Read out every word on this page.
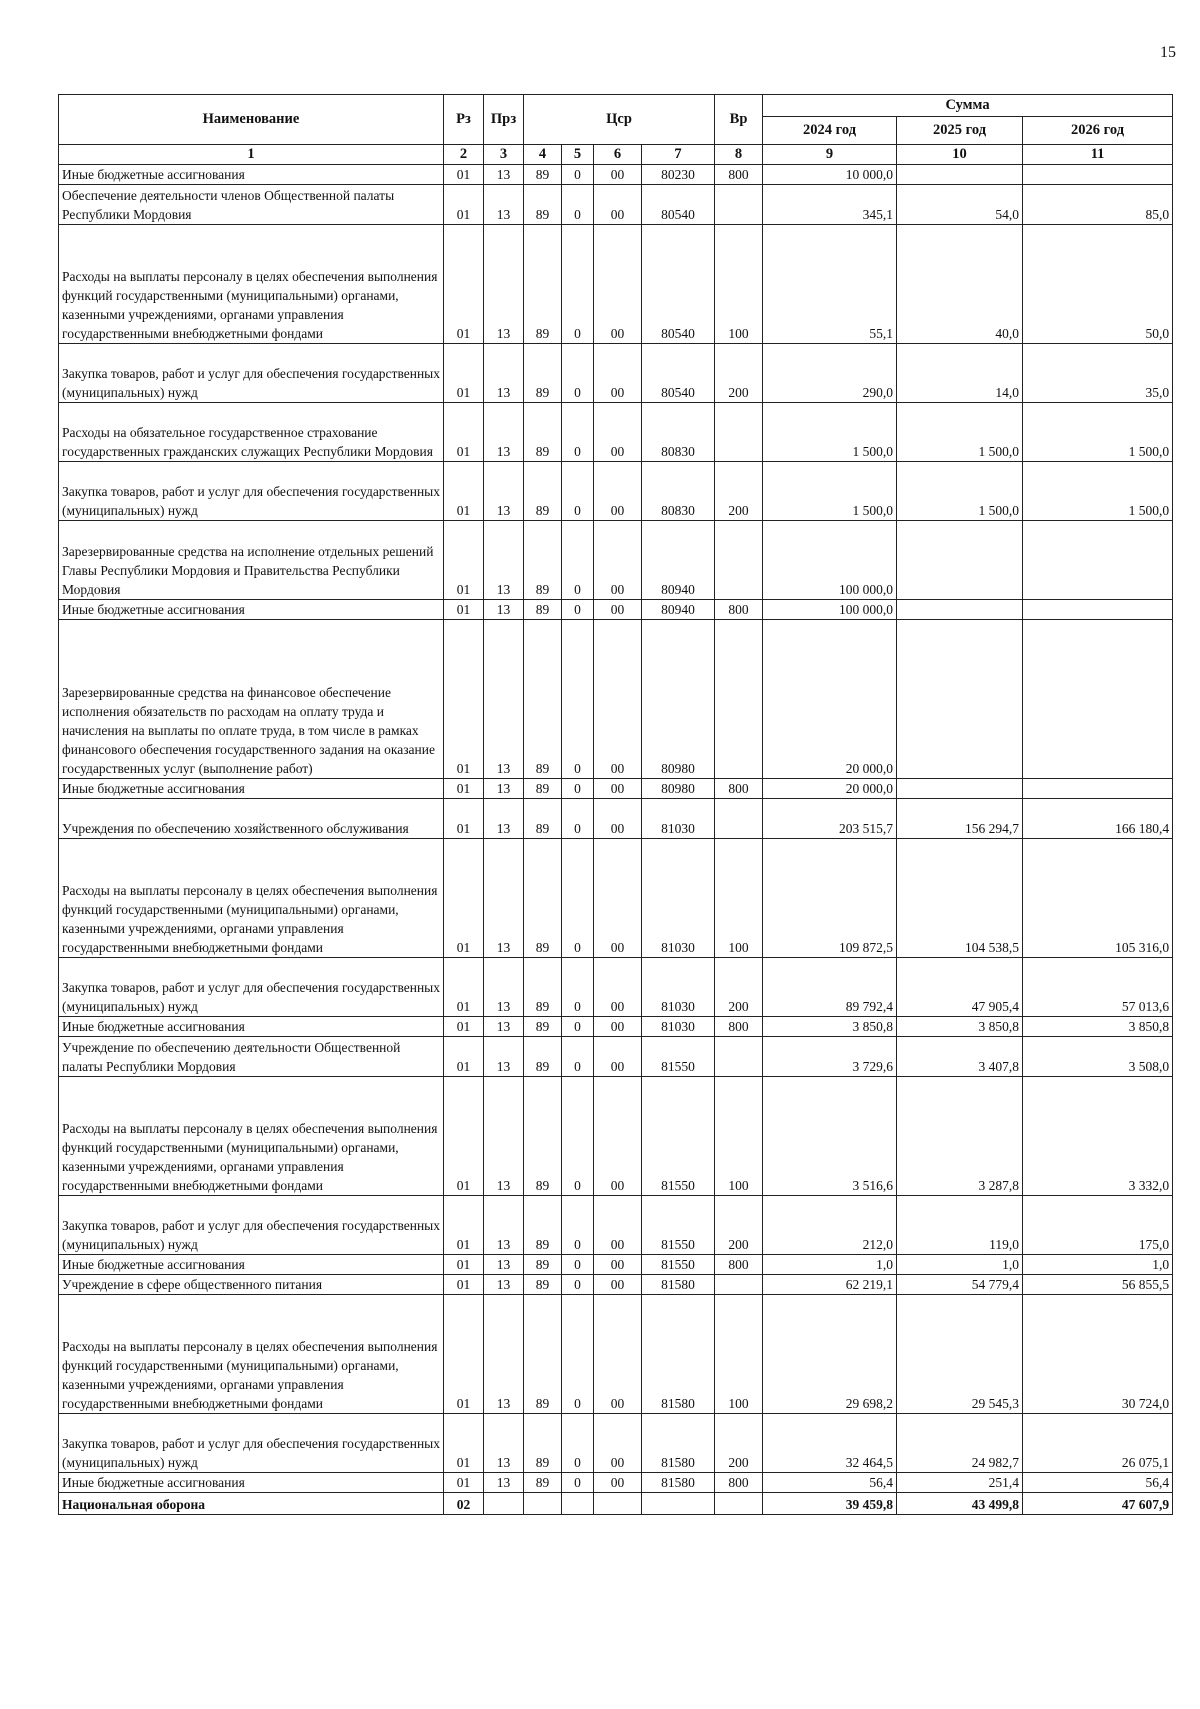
15
Наименование	Рз	Прз	Цср				Вр	Сумма		
								2024 год	2025 год	2026 год
1	2	3	4	5	6	7	8	9	10	11
Иные бюджетные ассигнования	01	13	89	0	00	80230	800	10 000,0		
Обеспечение деятельности членов Общественной палаты Республики Мордовия	01	13	89	0	00	80540		345,1	54,0	85,0
Расходы на выплаты персоналу в целях обеспечения выполнения функций государственными (муниципальными) органами, казенными учреждениями, органами управления государственными внебюджетными фондами	01	13	89	0	00	80540	100	55,1	40,0	50,0
Закупка товаров, работ и услуг для обеспечения государственных (муниципальных) нужд	01	13	89	0	00	80540	200	290,0	14,0	35,0
Расходы на обязательное государственное страхование государственных гражданских служащих Республики Мордовия	01	13	89	0	00	80830		1 500,0	1 500,0	1 500,0
Закупка товаров, работ и услуг для обеспечения государственных (муниципальных) нужд	01	13	89	0	00	80830	200	1 500,0	1 500,0	1 500,0
Зарезервированные средства на исполнение отдельных решений Главы Республики Мордовия и Правительства Республики Мордовия	01	13	89	0	00	80940		100 000,0		
Иные бюджетные ассигнования	01	13	89	0	00	80940	800	100 000,0		
Зарезервированные средства на финансовое обеспечение исполнения обязательств по расходам на оплату труда и начисления на выплаты по оплате труда, в том числе в рамках финансового обеспечения государственного задания на оказание государственных услуг (выполнение работ)	01	13	89	0	00	80980		20 000,0		
Иные бюджетные ассигнования	01	13	89	0	00	80980	800	20 000,0		
Учреждения по обеспечению хозяйственного обслуживания	01	13	89	0	00	81030		203 515,7	156 294,7	166 180,4
Расходы на выплаты персоналу в целях обеспечения выполнения функций государственными (муниципальными) органами, казенными учреждениями, органами управления государственными внебюджетными фондами	01	13	89	0	00	81030	100	109 872,5	104 538,5	105 316,0
Закупка товаров, работ и услуг для обеспечения государственных (муниципальных) нужд	01	13	89	0	00	81030	200	89 792,4	47 905,4	57 013,6
Иные бюджетные ассигнования	01	13	89	0	00	81030	800	3 850,8	3 850,8	3 850,8
Учреждение по обеспечению деятельности Общественной палаты Республики Мордовия	01	13	89	0	00	81550		3 729,6	3 407,8	3 508,0
Расходы на выплаты персоналу в целях обеспечения выполнения функций государственными (муниципальными) органами, казенными учреждениями, органами управления государственными внебюджетными фондами	01	13	89	0	00	81550	100	3 516,6	3 287,8	3 332,0
Закупка товаров, работ и услуг для обеспечения государственных (муниципальных) нужд	01	13	89	0	00	81550	200	212,0	119,0	175,0
Иные бюджетные ассигнования	01	13	89	0	00	81550	800	1,0	1,0	1,0
Учреждение в сфере общественного питания	01	13	89	0	00	81580		62 219,1	54 779,4	56 855,5
Расходы на выплаты персоналу в целях обеспечения выполнения функций государственными (муниципальными) органами, казенными учреждениями, органами управления государственными внебюджетными фондами	01	13	89	0	00	81580	100	29 698,2	29 545,3	30 724,0
Закупка товаров, работ и услуг для обеспечения государственных (муниципальных) нужд	01	13	89	0	00	81580	200	32 464,5	24 982,7	26 075,1
Иные бюджетные ассигнования	01	13	89	0	00	81580	800	56,4	251,4	56,4
Национальная оборона	02							39 459,8	43 499,8	47 607,9
